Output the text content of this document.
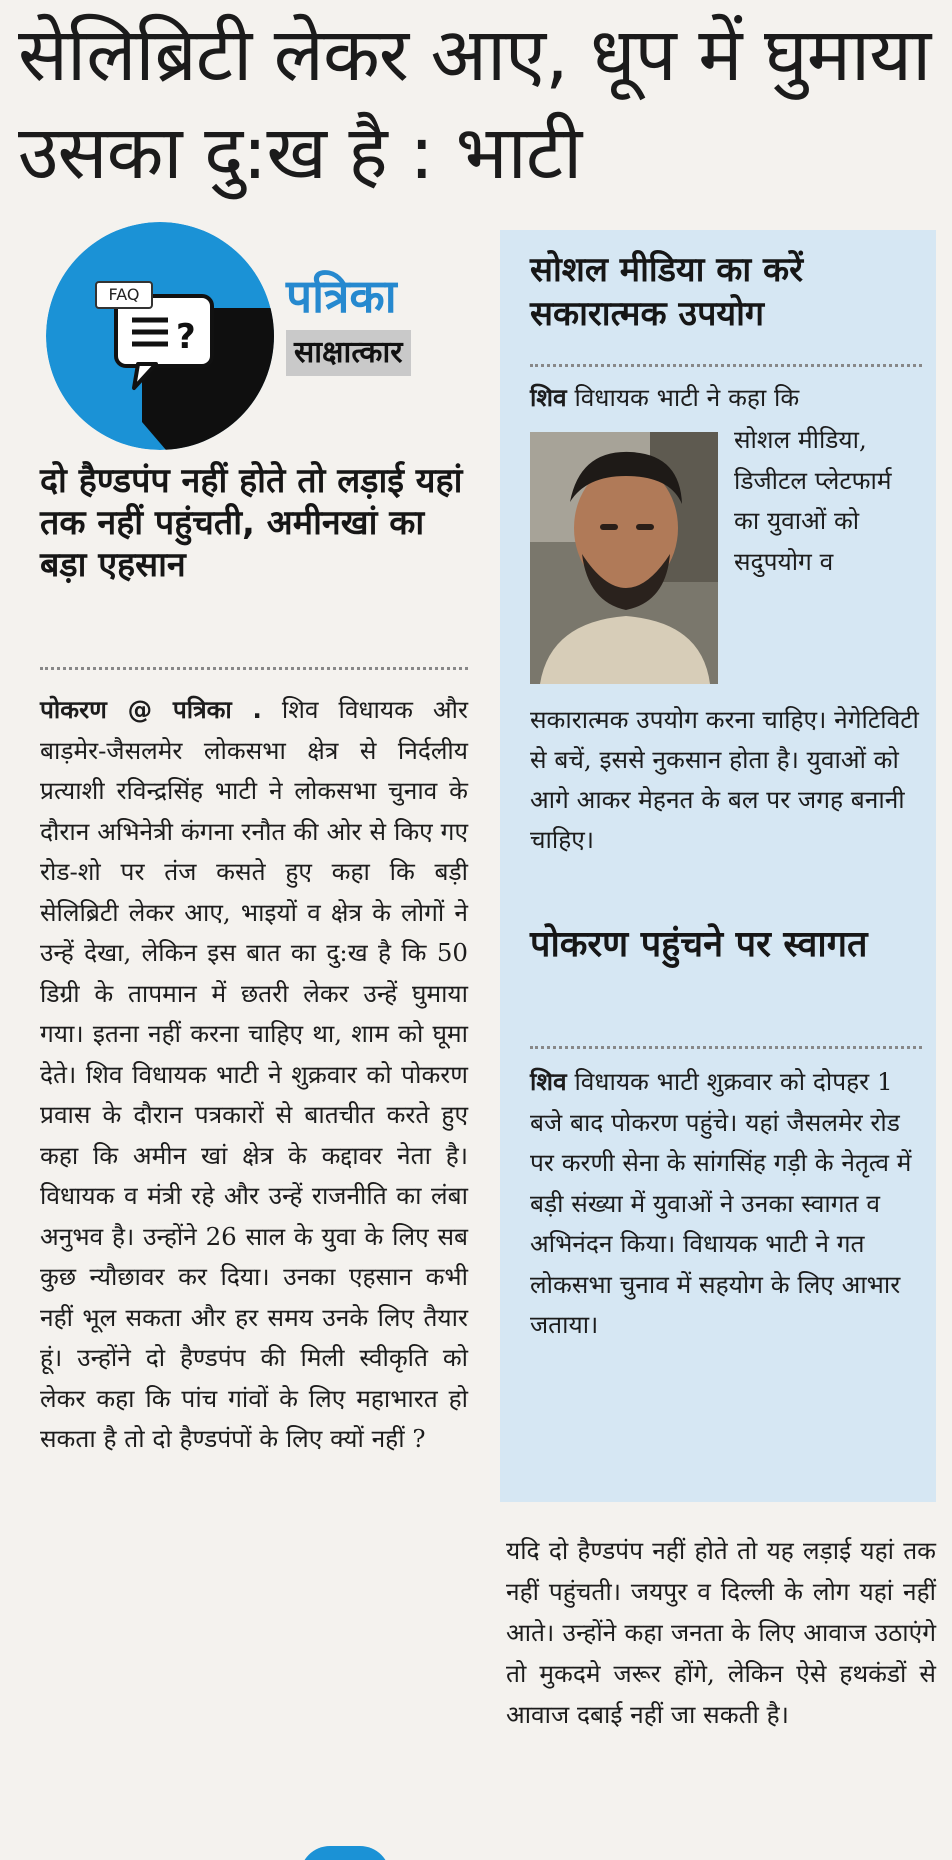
सेलिब्रिटी लेकर आए, धूप में घुमाया उसका दु:ख है : भाटी
?
FAQ	पत्रिका
साक्षात्कार
दो हैण्डपंप नहीं होते तो लड़ाई यहां तक नहीं पहुंचती, अमीनखां का बड़ा एहसान
पोकरण @ पत्रिका . शिव विधायक और बाड़मेर-जैसलमेर लोकसभा क्षेत्र से निर्दलीय प्रत्याशी रविन्द्रसिंह भाटी ने लोकसभा चुनाव के दौरान अभिनेत्री कंगना रनौत की ओर से किए गए रोड-शो पर तंज कसते हुए कहा कि बड़ी सेलिब्रिटी लेकर आए, भाइयों व क्षेत्र के लोगों ने उन्हें देखा, लेकिन इस बात का दु:ख है कि 50 डिग्री के तापमान में छतरी लेकर उन्हें घुमाया गया। इतना नहीं करना चाहिए था, शाम को घूमा देते। शिव विधायक भाटी ने शुक्रवार को पोकरण प्रवास के दौरान पत्रकारों से बातचीत करते हुए कहा कि अमीन खां क्षेत्र के कद्दावर नेता है। विधायक व मंत्री रहे और उन्हें राजनीति का लंबा अनुभव है। उन्होंने 26 साल के युवा के लिए सब कुछ न्यौछावर कर दिया। उनका एहसान कभी नहीं भूल सकता और हर समय उनके लिए तैयार हूं। उन्होंने दो हैण्डपंप की मिली स्वीकृति को लेकर कहा कि पांच गांवों के लिए महाभारत हो सकता है तो दो हैण्डपंपों के लिए क्यों नहीं ?
सोशल मीडिया का करें सकारात्मक उपयोग

शिव विधायक भाटी ने कहा कि

सोशल मीडिया, डिजीटल प्लेटफार्म का युवाओं को सदुपयोग व

सकारात्मक उपयोग करना चाहिए। नेगेटिविटी से बचें, इससे नुकसान होता है। युवाओं को आगे आकर मेहनत के बल पर जगह बनानी चाहिए।

पोकरण पहुंचने पर स्वागत

शिव विधायक भाटी शुक्रवार को दोपहर 1 बजे बाद पोकरण पहुंचे। यहां जैसलमेर रोड पर करणी सेना के सांगसिंह गड़ी के नेतृत्व में बड़ी संख्या में युवाओं ने उनका स्वागत व अभिनंदन किया। विधायक भाटी ने गत लोकसभा चुनाव में सहयोग के लिए आभार जताया।

यदि दो हैण्डपंप नहीं होते तो यह लड़ाई यहां तक नहीं पहुंचती। जयपुर व दिल्ली के लोग यहां नहीं आते। उन्होंने कहा जनता के लिए आवाज उठाएंगे तो मुकदमे जरूर होंगे, लेकिन ऐसे हथकंडों से आवाज दबाई नहीं जा सकती है।
